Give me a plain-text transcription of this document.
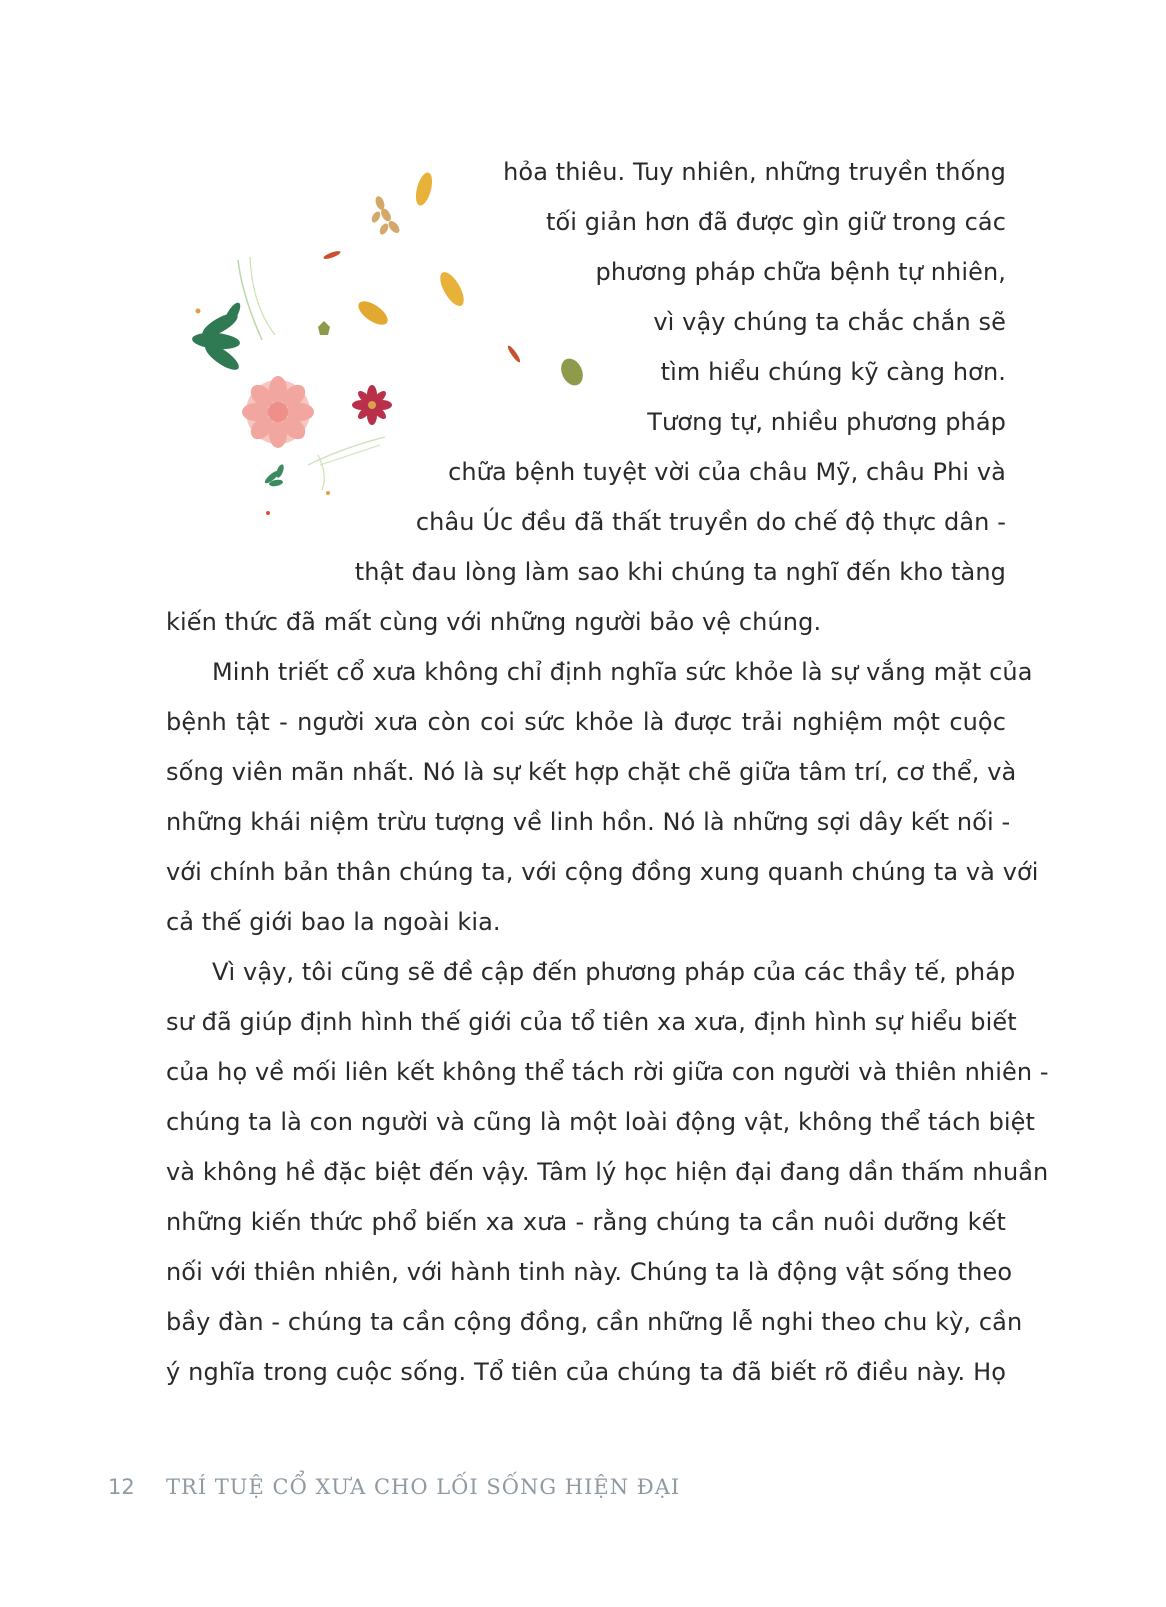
hỏa thiêu. Tuy nhiên, những truyền thống
tối giản hơn đã được gìn giữ trong các
phương pháp chữa bệnh tự nhiên,
vì vậy chúng ta chắc chắn sẽ
tìm hiểu chúng kỹ càng hơn.
Tương tự, nhiều phương pháp
chữa bệnh tuyệt vời của châu Mỹ, châu Phi và
châu Úc đều đã thất truyền do chế độ thực dân -
thật đau lòng làm sao khi chúng ta nghĩ đến kho tàng
kiến thức đã mất cùng với những người bảo vệ chúng.
Minh triết cổ xưa không chỉ định nghĩa sức khỏe là sự vắng mặt của
bệnh tật - người xưa còn coi sức khỏe là được trải nghiệm một cuộc
sống viên mãn nhất. Nó là sự kết hợp chặt chẽ giữa tâm trí, cơ thể, và
những khái niệm trừu tượng về linh hồn. Nó là những sợi dây kết nối -
với chính bản thân chúng ta, với cộng đồng xung quanh chúng ta và với
cả thế giới bao la ngoài kia.
Vì vậy, tôi cũng sẽ đề cập đến phương pháp của các thầy tế, pháp
sư đã giúp định hình thế giới của tổ tiên xa xưa, định hình sự hiểu biết
của họ về mối liên kết không thể tách rời giữa con người và thiên nhiên -
chúng ta là con người và cũng là một loài động vật, không thể tách biệt
và không hề đặc biệt đến vậy. Tâm lý học hiện đại đang dần thấm nhuần
những kiến thức phổ biến xa xưa - rằng chúng ta cần nuôi dưỡng kết
nối với thiên nhiên, với hành tinh này. Chúng ta là động vật sống theo
bầy đàn - chúng ta cần cộng đồng, cần những lễ nghi theo chu kỳ, cần
ý nghĩa trong cuộc sống. Tổ tiên của chúng ta đã biết rõ điều này. Họ
12 TRÍ TUỆ CỔ XƯA CHO LỐI SỐNG HIỆN ĐẠI
